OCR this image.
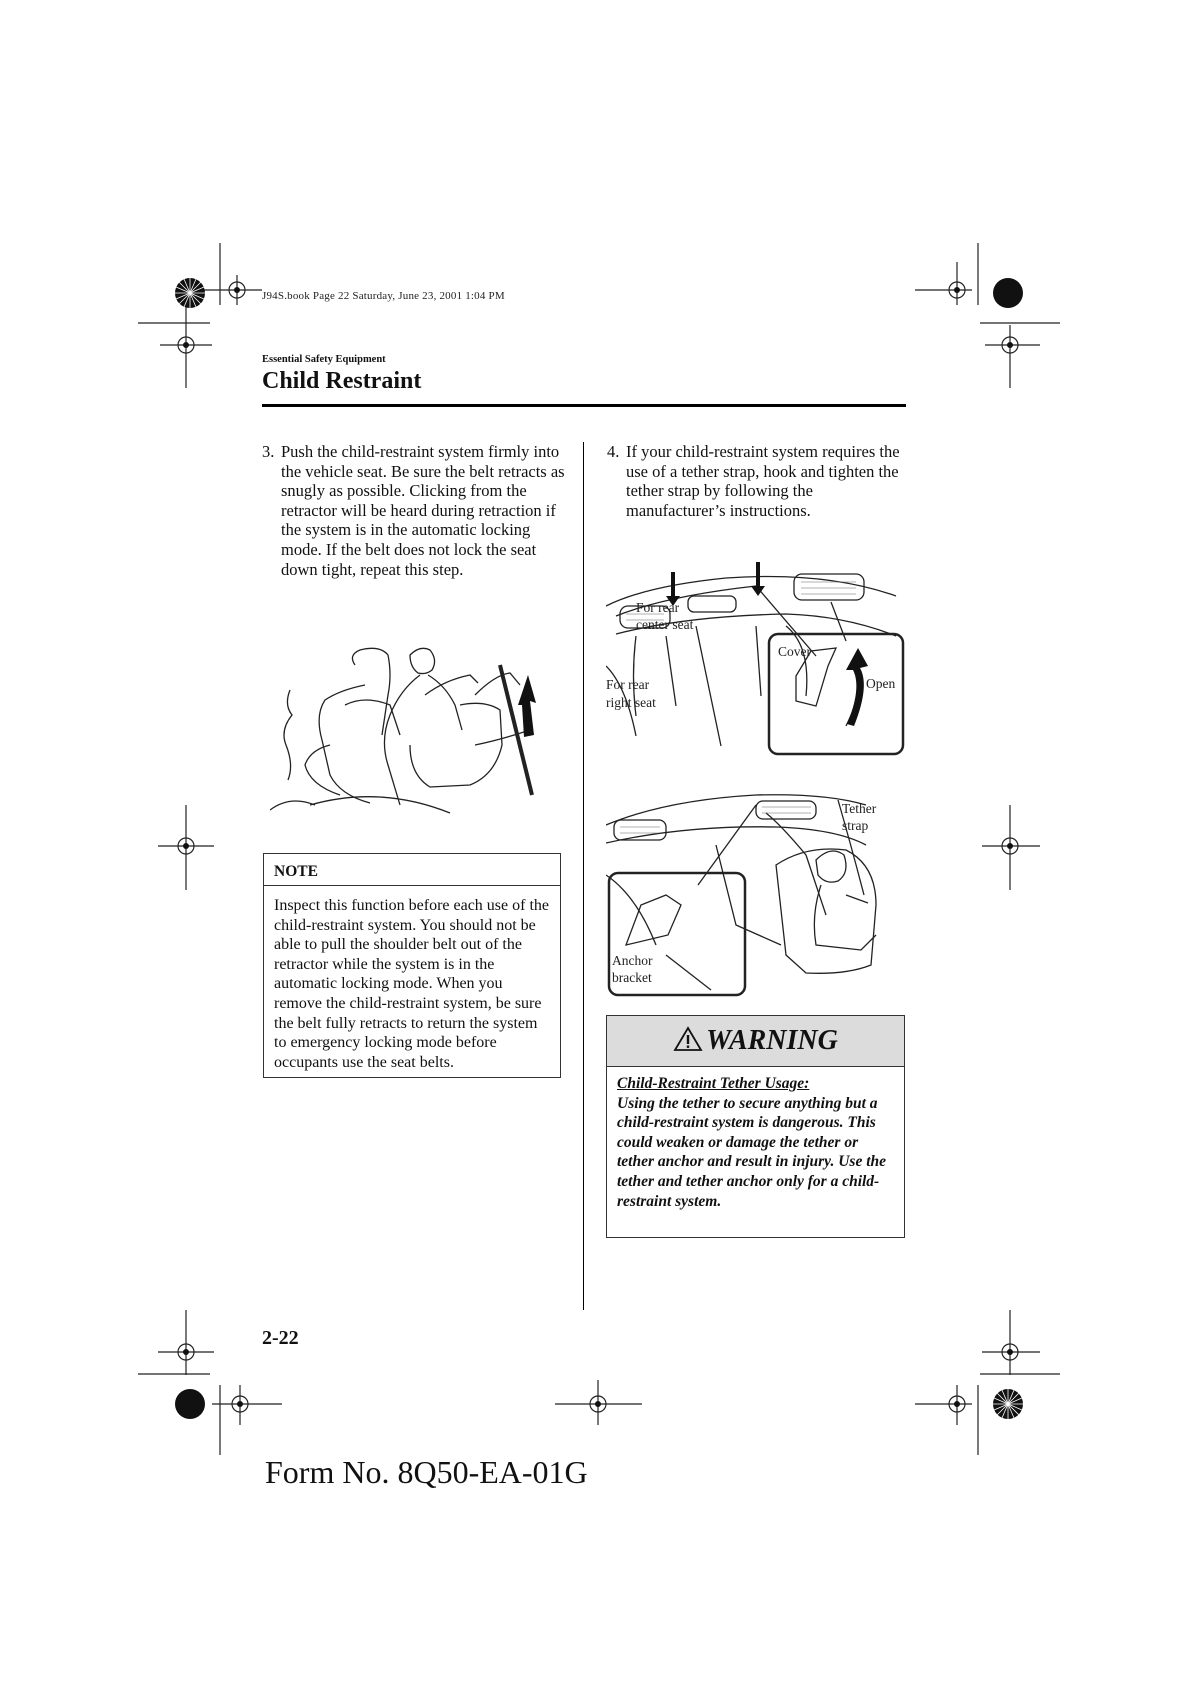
J94S.book Page 22 Saturday, June 23, 2001 1:04 PM
Essential Safety Equipment
Child Restraint
3. Push the child-restraint system firmly into the vehicle seat. Be sure the belt retracts as snugly as possible. Clicking from the retractor will be heard during retraction if the system is in the automatic locking mode. If the belt does not lock the seat down tight, repeat this step.
NOTE
Inspect this function before each use of the child-restraint system. You should not be able to pull the shoulder belt out of the retractor while the system is in the automatic locking mode. When you remove the child-restraint system, be sure the belt fully retracts to return the system to emergency locking mode before occupants use the seat belts.
4. If your child-restraint system requires the use of a tether strap, hook and tighten the tether strap by following the manufacturer’s instructions.
For rear
center seat
For rear
right seat
Cover
Open
Tether
strap
Anchor
bracket
WARNING
Child-Restraint Tether Usage:
Using the tether to secure anything but a child-restraint system is dangerous. This could weaken or damage the tether or tether anchor and result in injury. Use the tether and tether anchor only for a child-restraint system.
2-22
Form No. 8Q50-EA-01G
